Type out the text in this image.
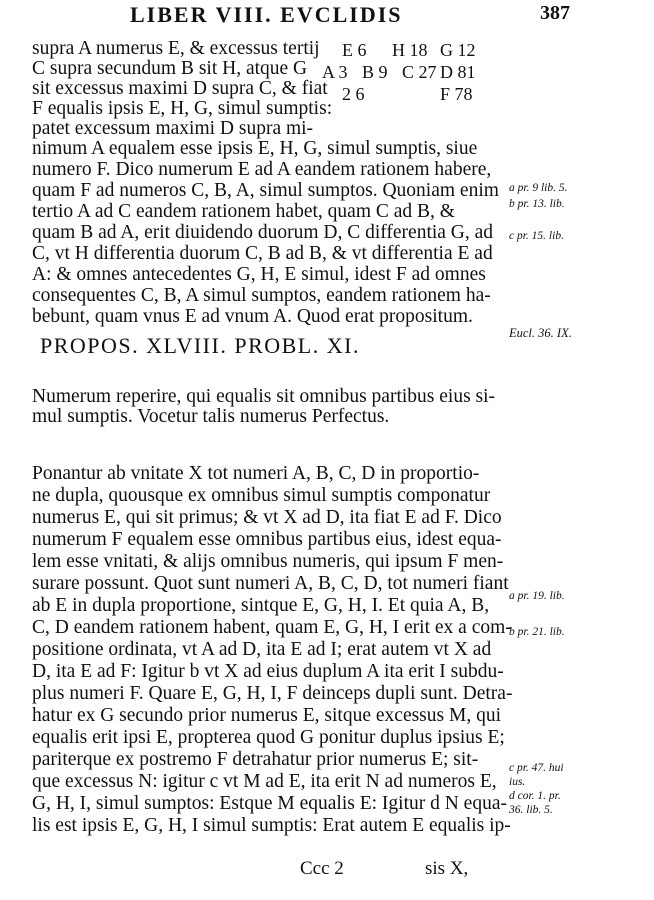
LIBER VIII. EVCLIDIS	387
E 6 H 18 G 12
A 3 B 9 C 27 D 81
2 6	F 78
supra A numerus E, & excessus tertij
C supra secundum B sit H, atque G
sit excessus maximi D supra C, & fiat
F equalis ipsis E, H, G, simul sumptis:
patet excessum maximi D supra mi-
nimum A equalem esse ipsis E, H, G, simul sumptis, siue
numero F. Dico numerum E ad A eandem rationem habere,
quam F ad numeros C, B, A, simul sumptos. Quoniam enim
tertio A ad C eandem rationem habet, quam C ad B, &
quam B ad A, erit diuidendo duorum D, C differentia G, ad
C, vt H differentia duorum C, B ad B, & vt differentia E ad
A: & omnes antecedentes G, H, E simul, idest F ad omnes
consequentes C, B, A simul sumptos, eandem rationem ha-
bebunt, quam vnus E ad vnum A. Quod erat propositum.
a pr. 9 lib. 5.
b pr. 13. lib.
c pr. 15. lib.
PROPOS. XLVIII. PROBL. XI.	Eucl. 36. IX.
Numerum reperire, qui equalis sit omnibus partibus eius si-
mul sumptis. Vocetur talis numerus Perfectus.
Ponantur ab vnitate X tot numeri A, B, C, D in proportio-
ne dupla, quousque ex omnibus simul sumptis componatur
numerus E, qui sit primus; & vt X ad D, ita fiat E ad F. Dico
numerum F equalem esse omnibus partibus eius, idest equa-
lem esse vnitati, & alijs omnibus numeris, qui ipsum F men-
surare possunt. Quot sunt numeri A, B, C, D, tot numeri fiant
ab E in dupla proportione, sintque E, G, H, I. Et quia A, B,
C, D eandem rationem habent, quam E, G, H, I erit ex a com-
positione ordinata, vt A ad D, ita E ad I; erat autem vt X ad
D, ita E ad F: Igitur b vt X ad eius duplum A ita erit I subdu-
plus numeri F. Quare E, G, H, I, F deinceps dupli sunt. Detra-
hatur ex G secundo prior numerus E, sitque excessus M, qui
equalis erit ipsi E, propterea quod G ponitur duplus ipsius E;
pariterque ex postremo F detrahatur prior numerus E; sit-
que excessus N: igitur c vt M ad E, ita erit N ad numeros E,
G, H, I, simul sumptos: Estque M equalis E: Igitur d N equa-
lis est ipsis E, G, H, I simul sumptis: Erat autem E equalis ip-
a pr. 19. lib.
b pr. 21. lib.
c pr. 47. hui
ius.
d cor. 1. pr.
36. lib. 5.
Ccc 2	sis X,
